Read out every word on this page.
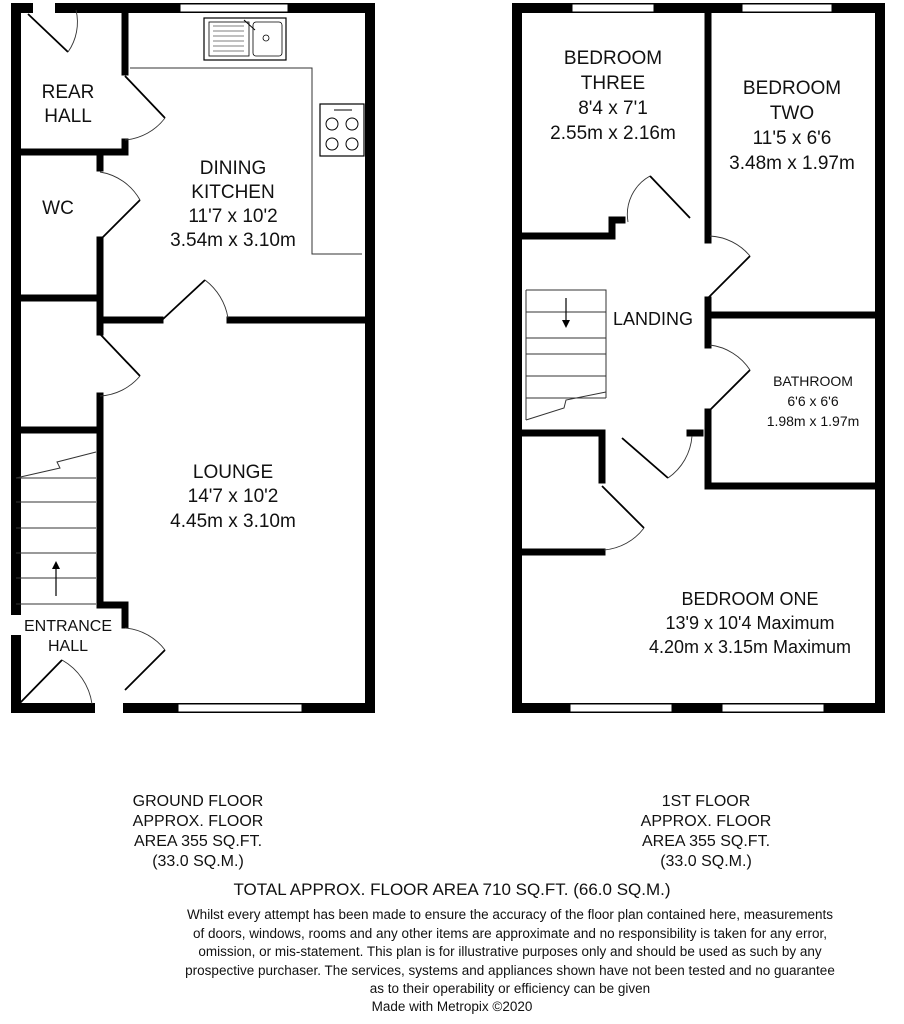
REAR
HALL
WC
DINING
KITCHEN
11'7 x 10'2
3.54m x 3.10m
LOUNGE
14'7 x 10'2
4.45m x 3.10m
ENTRANCE
HALL
BEDROOM
THREE
8'4 x 7'1
2.55m x 2.16m
BEDROOM
TWO
11'5 x 6'6
3.48m x 1.97m
LANDING
BATHROOM
6'6 x 6'6
1.98m x 1.97m
BEDROOM ONE
13'9 x 10'4 Maximum
4.20m x 3.15m Maximum
GROUND FLOOR
APPROX. FLOOR
AREA 355 SQ.FT.
(33.0 SQ.M.)
1ST FLOOR
APPROX. FLOOR
AREA 355 SQ.FT.
(33.0 SQ.M.)
TOTAL APPROX. FLOOR AREA 710 SQ.FT. (66.0 SQ.M.)
Whilst every attempt has been made to ensure the accuracy of the floor plan contained here, measurements
of doors, windows, rooms and any other items are approximate and no responsibility is taken for any error,
omission, or mis-statement. This plan is for illustrative purposes only and should be used as such by any
prospective purchaser. The services, systems and appliances shown have not been tested and no guarantee
as to their operability or efficiency can be given
Made with Metropix ©2020
